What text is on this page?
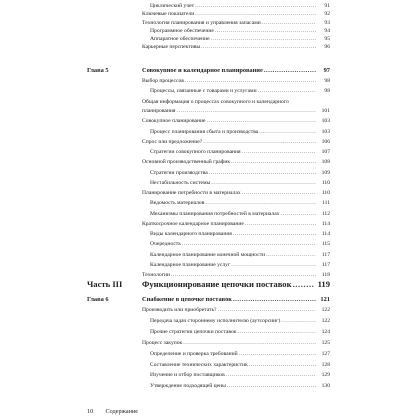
Циклический учет .....	91
Ключевые показатели .....	92
Технология планирования и управления запасами .....	93
Программное обеспечение .....	94
Аппаратное обеспечение .....	95
Карьерные перспективы .....	96
Глава 5	Совокупное и календарное планирование .....	97
Выбор процессов .....	98
Процессы, связанные с товарами и услугами .....	98
Общая информация о процессах совокупного и календарного
планирования .....	101
Совокупное планирование .....	103
Процесс планирования сбыта и производства .....	103
Спрос или предложение? .....	106
Стратегии совокупного планирования .....	107
Основной производственный график .....	108
Стратегии производства .....	109
Нестабильность системы .....	110
Планирование потребности в материалах .....	110
Ведомость материалов .....	111
Механизмы планирования потребностей в материалах .....	112
Краткосрочное календарное планирование .....	114
Виды календарного планирования .....	114
Очередность .....	115
Календарное планирование конечной мощности .....	117
Календарное планирование услуг .....	117
Технологии .....	118
Часть III Функционирование цепочки поставок .....	119
Глава 6	Снабжение в цепочке поставок .....	121
Производить или приобретать? .....	122
Передача задач стороннему исполнителю (аутсорсинг) .....	122
Прочие стратегии цепочки поставок .....	124
Процесс закупок .....	125
Определение и проверка требований .....	127
Составление технических характеристик .....	128
Изучение и отбор поставщиков .....	129
Утверждение подходящей цены .....	130
10 Содержание
